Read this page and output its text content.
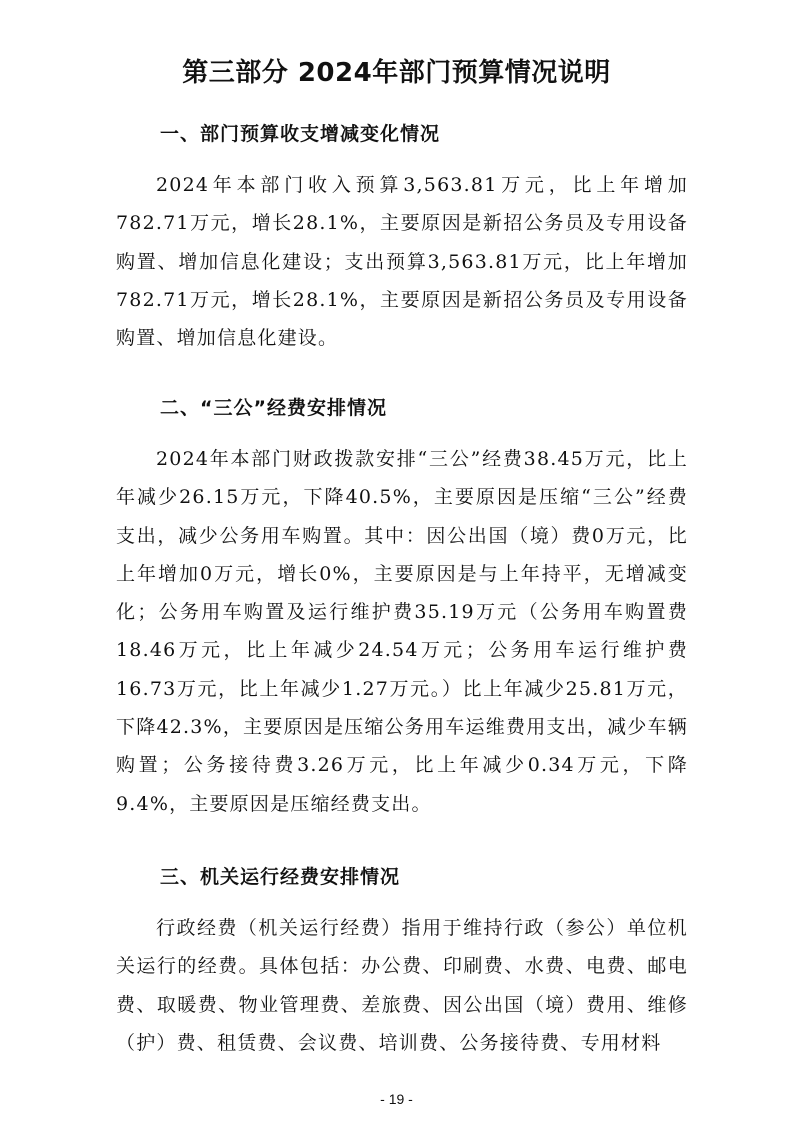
第三部分 2024年部门预算情况说明
一、部门预算收支增减变化情况

2024年本部门收入预算3,563.81万元，比上年增加782.71万元，增长28.1%，主要原因是新招公务员及专用设备购置、增加信息化建设；支出预算3,563.81万元，比上年增加782.71万元，增长28.1%，主要原因是新招公务员及专用设备购置、增加信息化建设。

二、“三公”经费安排情况

2024年本部门财政拨款安排“三公”经费38.45万元，比上年减少26.15万元，下降40.5%，主要原因是压缩“三公”经费支出，减少公务用车购置。其中：因公出国（境）费0万元，比上年增加0万元，增长0%，主要原因是与上年持平，无增减变化；公务用车购置及运行维护费35.19万元（公务用车购置费18.46万元，比上年减少24.54万元；公务用车运行维护费16.73万元，比上年减少1.27万元。）比上年减少25.81万元，下降42.3%，主要原因是压缩公务用车运维费用支出，减少车辆购置；公务接待费3.26万元，比上年减少0.34万元，下降9.4%，主要原因是压缩经费支出。

三、机关运行经费安排情况

行政经费（机关运行经费）指用于维持行政（参公）单位机关运行的经费。具体包括：办公费、印刷费、水费、电费、邮电费、取暖费、物业管理费、差旅费、因公出国（境）费用、维修（护）费、租赁费、会议费、培训费、公务接待费、专用材料

- 19 -
